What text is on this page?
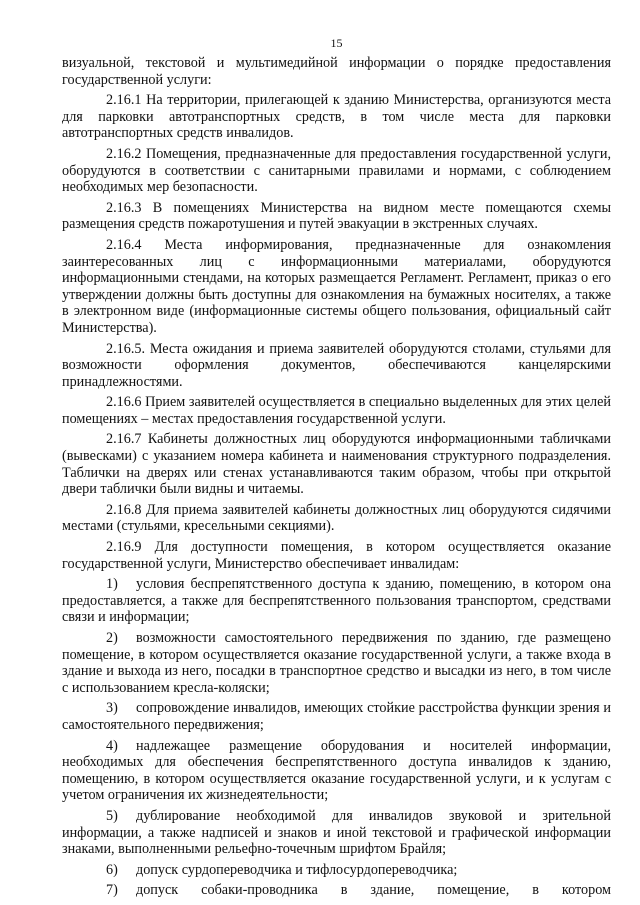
15

визуальной, текстовой и мультимедийной информации о порядке предоставления государственной услуги:

2.16.1 На территории, прилегающей к зданию Министерства, организуются места для парковки автотранспортных средств, в том числе места для парковки автотранспортных средств инвалидов.

2.16.2 Помещения, предназначенные для предоставления государственной услуги, оборудуются в соответствии с санитарными правилами и нормами, с соблюдением необходимых мер безопасности.

2.16.3 В помещениях Министерства на видном месте помещаются схемы размещения средств пожаротушения и путей эвакуации в экстренных случаях.

2.16.4 Места информирования, предназначенные для ознакомления заинтересованных лиц с информационными материалами, оборудуются информационными стендами, на которых размещается Регламент. Регламент, приказ о его утверждении должны быть доступны для ознакомления на бумажных носителях, а также в электронном виде (информационные системы общего пользования, официальный сайт Министерства).

2.16.5. Места ожидания и приема заявителей оборудуются столами, стульями для возможности оформления документов, обеспечиваются канцелярскими принадлежностями.

2.16.6 Прием заявителей осуществляется в специально выделенных для этих целей помещениях – местах предоставления государственной услуги.

2.16.7 Кабинеты должностных лиц оборудуются информационными табличками (вывесками) с указанием номера кабинета и наименования структурного подразделения. Таблички на дверях или стенах устанавливаются таким образом, чтобы при открытой двери таблички были видны и читаемы.

2.16.8 Для приема заявителей кабинеты должностных лиц оборудуются сидячими местами (стульями, кресельными секциями).

2.16.9 Для доступности помещения, в котором осуществляется оказание государственной услуги, Министерство обеспечивает инвалидам:

1) условия беспрепятственного доступа к зданию, помещению, в котором она предоставляется, а также для беспрепятственного пользования транспортом, средствами связи и информации;

2) возможности самостоятельного передвижения по зданию, где размещено помещение, в котором осуществляется оказание государственной услуги, а также входа в здание и выхода из него, посадки в транспортное средство и высадки из него, в том числе с использованием кресла-коляски;

3) сопровождение инвалидов, имеющих стойкие расстройства функции зрения и самостоятельного передвижения;

4) надлежащее размещение оборудования и носителей информации, необходимых для обеспечения беспрепятственного доступа инвалидов к зданию, помещению, в котором осуществляется оказание государственной услуги, и к услугам с учетом ограничения их жизнедеятельности;

5) дублирование необходимой для инвалидов звуковой и зрительной информации, а также надписей и знаков и иной текстовой и графической информации знаками, выполненными рельефно-точечным шрифтом Брайля;

6) допуск сурдопереводчика и тифлосурдопереводчика;

7) допуск собаки-проводника в здание, помещение, в котором
